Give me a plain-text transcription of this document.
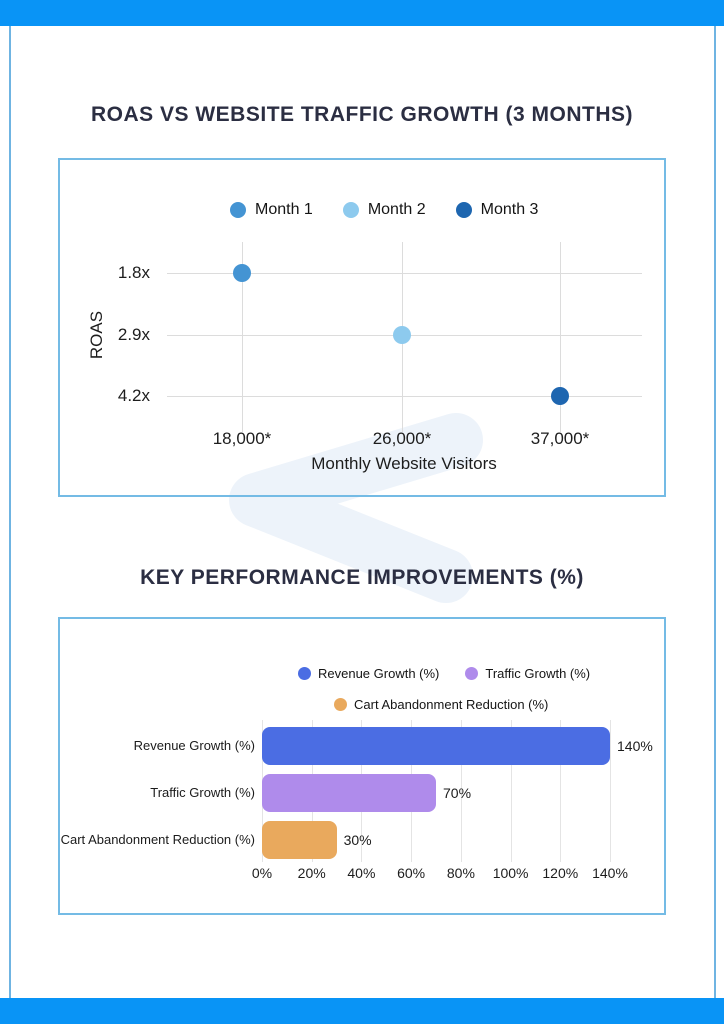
ROAS VS WEBSITE TRAFFIC GROWTH (3 MONTHS)
Month 1	Month 2	Month 3
1.8x
2.9x
4.2x
18,000*	26,000*	37,000*
ROAS
Monthly Website Visitors
KEY PERFORMANCE IMPROVEMENTS (%)
Revenue Growth (%)	Traffic Growth (%)
Cart Abandonment Reduction (%)
Revenue Growth (%)	140%
Traffic Growth (%)	70%
Cart Abandonment Reduction (%)	30%
0%	20%	40%	60%	80%	100% 120% 140%
